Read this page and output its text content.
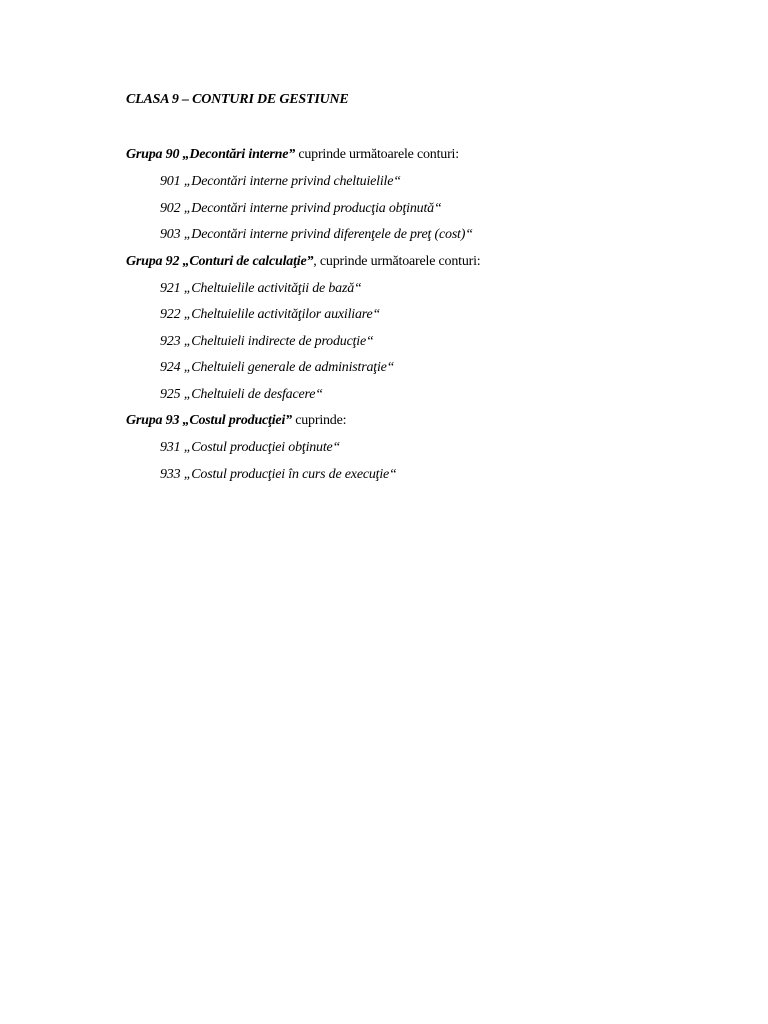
CLASA 9 – CONTURI DE GESTIUNE
Grupa 90 „Decontări interne” cuprinde următoarele conturi:
901 „Decontări interne privind cheltuielile“
902 „Decontări interne privind producţia obţinută“
903 „Decontări interne privind diferenţele de preţ (cost)“
Grupa 92 „Conturi de calculaţie”, cuprinde următoarele conturi:
921 „Cheltuielile activităţii de bază“
922 „Cheltuielile activităţilor auxiliare“
923 „Cheltuieli indirecte de producţie“
924 „Cheltuieli generale de administraţie“
925 „Cheltuieli de desfacere“
Grupa 93 „Costul producţiei” cuprinde:
931 „Costul producţiei obţinute“
933 „Costul producţiei în curs de execuţie“
